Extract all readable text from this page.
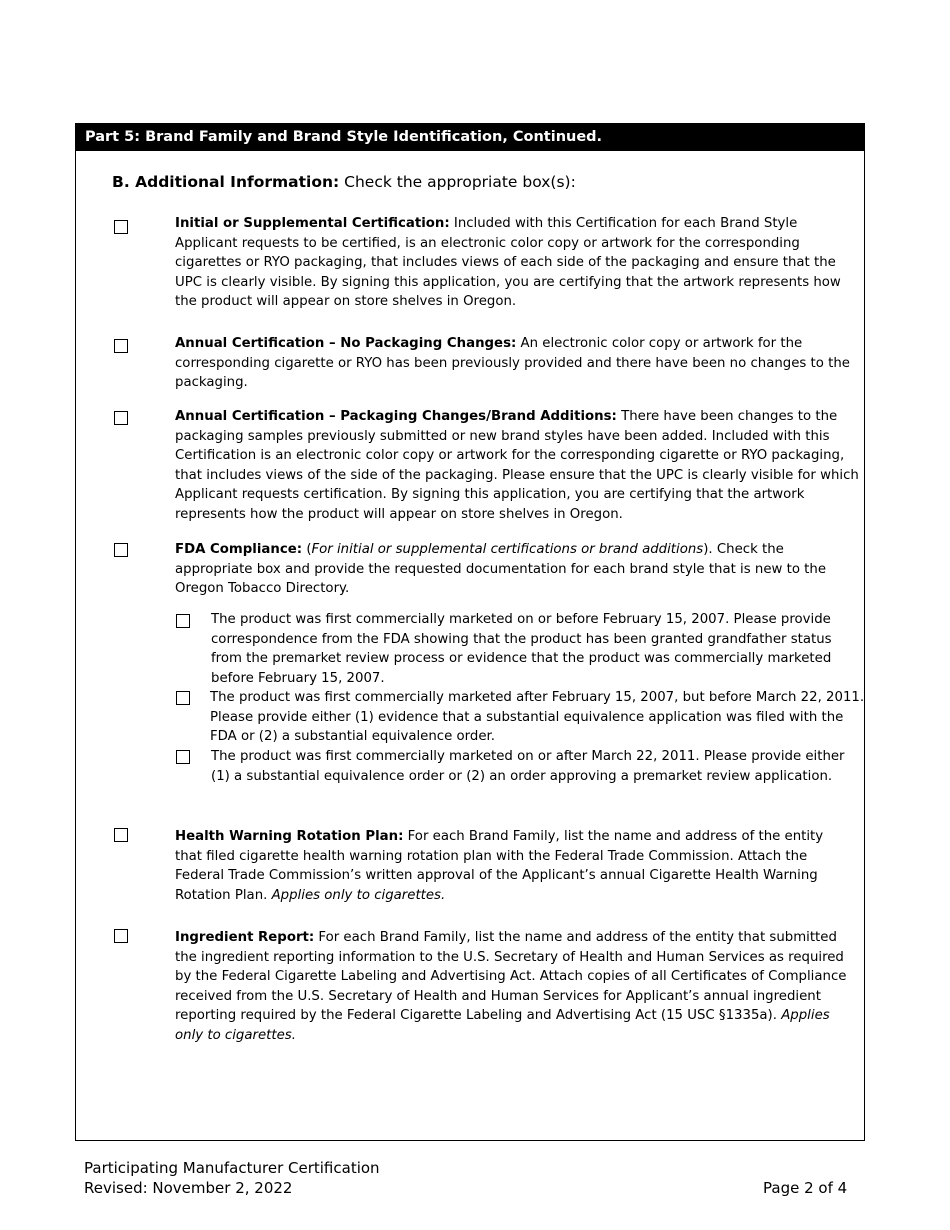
Part 5: Brand Family and Brand Style Identification, Continued.
B. Additional Information: Check the appropriate box(s):
Initial or Supplemental Certification: Included with this Certification for each Brand Style Applicant requests to be certified, is an electronic color copy or artwork for the corresponding cigarettes or RYO packaging, that includes views of each side of the packaging and ensure that the UPC is clearly visible. By signing this application, you are certifying that the artwork represents how the product will appear on store shelves in Oregon.
Annual Certification – No Packaging Changes: An electronic color copy or artwork for the corresponding cigarette or RYO has been previously provided and there have been no changes to the packaging.
Annual Certification – Packaging Changes/Brand Additions: There have been changes to the packaging samples previously submitted or new brand styles have been added. Included with this Certification is an electronic color copy or artwork for the corresponding cigarette or RYO packaging, that includes views of the side of the packaging. Please ensure that the UPC is clearly visible for which Applicant requests certification. By signing this application, you are certifying that the artwork represents how the product will appear on store shelves in Oregon.
FDA Compliance: (For initial or supplemental certifications or brand additions). Check the appropriate box and provide the requested documentation for each brand style that is new to the Oregon Tobacco Directory.
The product was first commercially marketed on or before February 15, 2007. Please provide correspondence from the FDA showing that the product has been granted grandfather status from the premarket review process or evidence that the product was commercially marketed before February 15, 2007.
The product was first commercially marketed after February 15, 2007, but before March 22, 2011. Please provide either (1) evidence that a substantial equivalence application was filed with the FDA or (2) a substantial equivalence order.
The product was first commercially marketed on or after March 22, 2011. Please provide either (1) a substantial equivalence order or (2) an order approving a premarket review application.
Health Warning Rotation Plan: For each Brand Family, list the name and address of the entity that filed cigarette health warning rotation plan with the Federal Trade Commission. Attach the Federal Trade Commission’s written approval of the Applicant’s annual Cigarette Health Warning Rotation Plan. Applies only to cigarettes.
Ingredient Report: For each Brand Family, list the name and address of the entity that submitted the ingredient reporting information to the U.S. Secretary of Health and Human Services as required by the Federal Cigarette Labeling and Advertising Act. Attach copies of all Certificates of Compliance received from the U.S. Secretary of Health and Human Services for Applicant’s annual ingredient reporting required by the Federal Cigarette Labeling and Advertising Act (15 USC §1335a). Applies only to cigarettes.
Participating Manufacturer Certification
Revised: November 2, 2022	Page 2 of 4
